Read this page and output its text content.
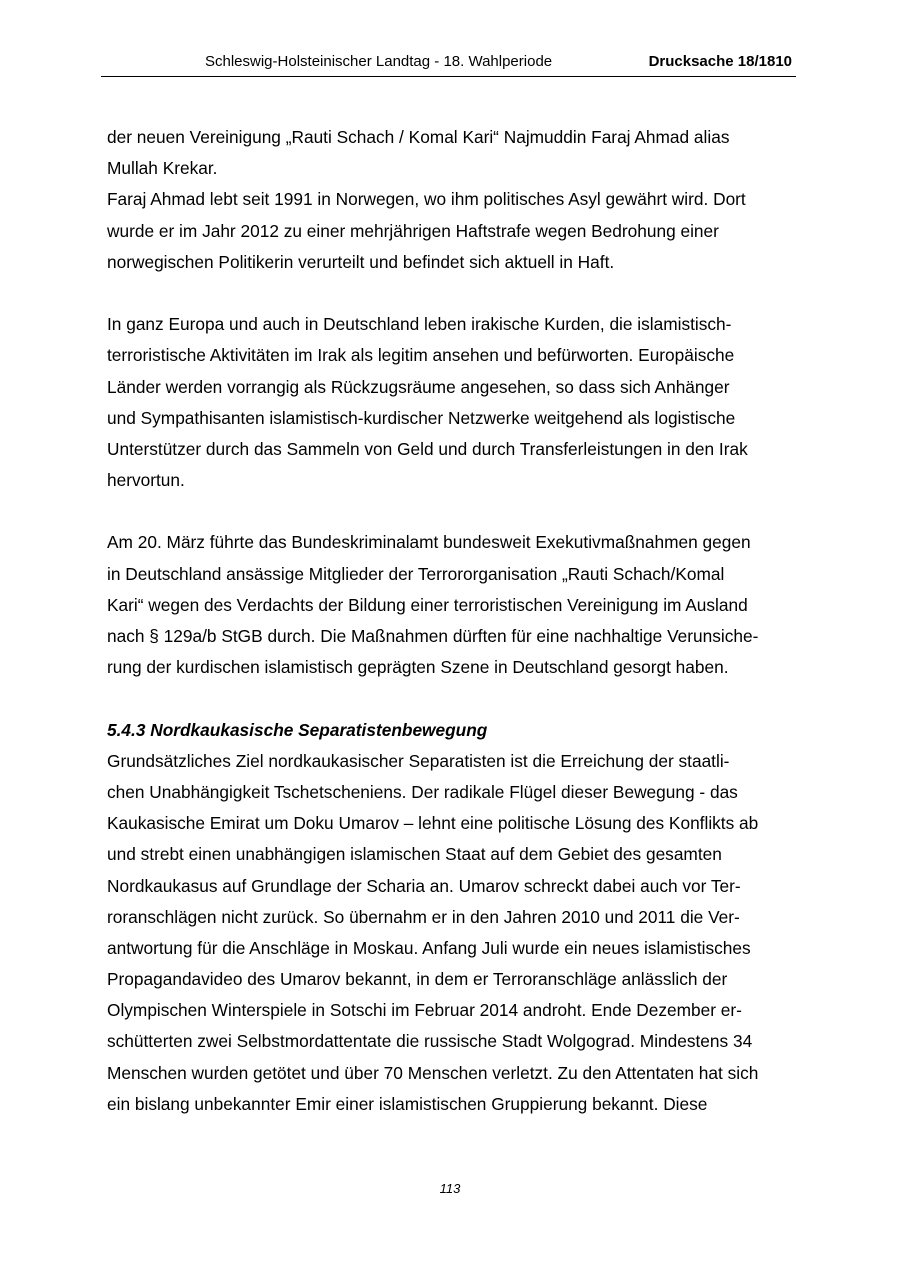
Schleswig-Holsteinischer Landtag - 18. Wahlperiode	Drucksache 18/1810
der neuen Vereinigung „Rauti Schach / Komal Kari“ Najmuddin Faraj Ahmad alias
Mullah Krekar.
Faraj Ahmad lebt seit 1991 in Norwegen, wo ihm politisches Asyl gewährt wird. Dort
wurde er im Jahr 2012 zu einer mehrjährigen Haftstrafe wegen Bedrohung einer
norwegischen Politikerin verurteilt und befindet sich aktuell in Haft.
In ganz Europa und auch in Deutschland leben irakische Kurden, die islamistisch-
terroristische Aktivitäten im Irak als legitim ansehen und befürworten. Europäische
Länder werden vorrangig als Rückzugsräume angesehen, so dass sich Anhänger
und Sympathisanten islamistisch-kurdischer Netzwerke weitgehend als logistische
Unterstützer durch das Sammeln von Geld und durch Transferleistungen in den Irak
hervortun.
Am 20. März führte das Bundeskriminalamt bundesweit Exekutivmaßnahmen gegen
in Deutschland ansässige Mitglieder der Terrororganisation „Rauti Schach/Komal
Kari“ wegen des Verdachts der Bildung einer terroristischen Vereinigung im Ausland
nach § 129a/b StGB durch. Die Maßnahmen dürften für eine nachhaltige Verunsiche-
rung der kurdischen islamistisch geprägten Szene in Deutschland gesorgt haben.
5.4.3 Nordkaukasische Separatistenbewegung
Grundsätzliches Ziel nordkaukasischer Separatisten ist die Erreichung der staatli-
chen Unabhängigkeit Tschetscheniens. Der radikale Flügel dieser Bewegung - das
Kaukasische Emirat um Doku Umarov – lehnt eine politische Lösung des Konflikts ab
und strebt einen unabhängigen islamischen Staat auf dem Gebiet des gesamten
Nordkaukasus auf Grundlage der Scharia an. Umarov schreckt dabei auch vor Ter-
roranschlägen nicht zurück. So übernahm er in den Jahren 2010 und 2011 die Ver-
antwortung für die Anschläge in Moskau. Anfang Juli wurde ein neues islamistisches
Propagandavideo des Umarov bekannt, in dem er Terroranschläge anlässlich der
Olympischen Winterspiele in Sotschi im Februar 2014 androht. Ende Dezember er-
schütterten zwei Selbstmordattentate die russische Stadt Wolgograd. Mindestens 34
Menschen wurden getötet und über 70 Menschen verletzt. Zu den Attentaten hat sich
ein bislang unbekannter Emir einer islamistischen Gruppierung bekannt. Diese
113
